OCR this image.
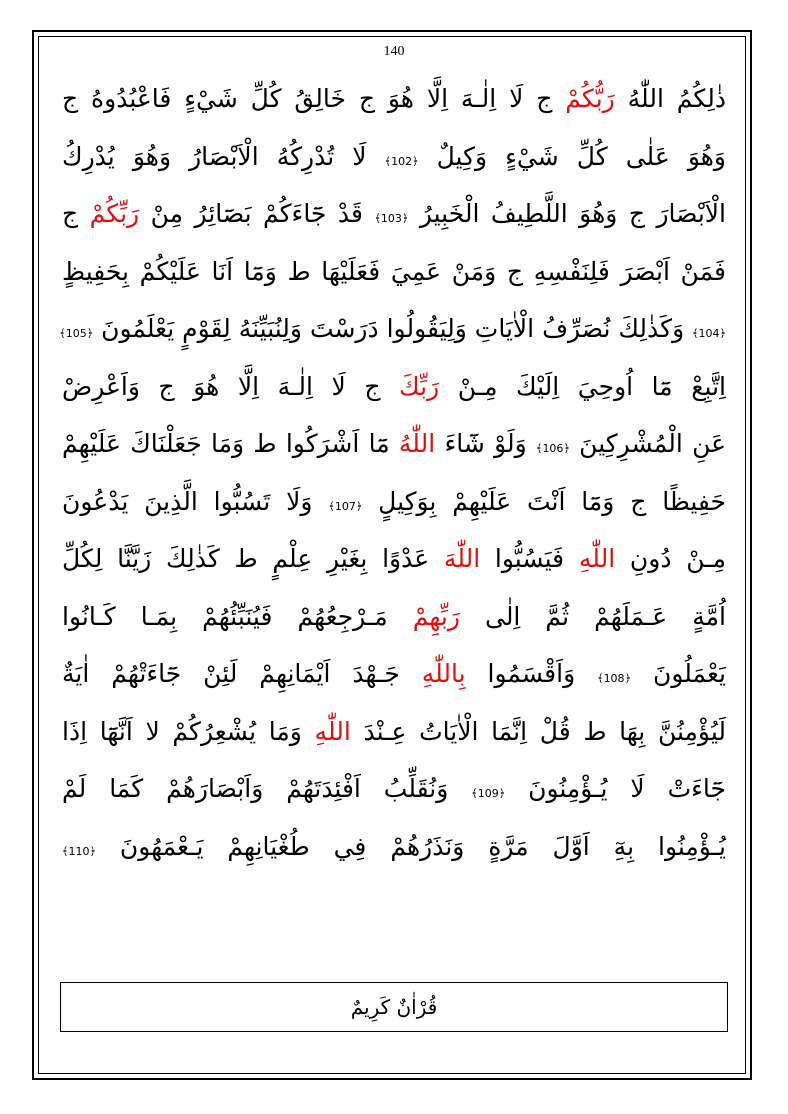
140
ذٰلِكُمُ اللّٰهُ رَبُّكُمْ ج لَا اِلٰـهَ اِلَّا هُوَ ج خَالِقُ كُلِّ شَيْءٍ فَاعْبُدُوهُ ج
وَهُوَ عَلٰى كُلِّ شَيْءٍ وَكِيلٌ ﴿102﴾ لَا تُدْرِكُهُ الْاَبْصَارُ وَهُوَ يُدْرِكُ
الْاَبْصَارَ ج وَهُوَ اللَّطِيفُ الْخَبِيرُ ﴿103﴾ قَدْ جَٓاءَكُمْ بَصَٓائِرُ مِنْ رَبِّكُمْ ج
فَمَنْ اَبْصَرَ فَلِنَفْسِهِ ج وَمَنْ عَمِيَ فَعَلَيْهَا ط وَمَٓا اَنَا عَلَيْكُمْ بِحَفِيظٍ
﴿104﴾ وَكَذٰلِكَ نُصَرِّفُ الْاٰيَاتِ وَلِيَقُولُوا دَرَسْتَ وَلِنُبَيِّنَهُ لِقَوْمٍ يَعْلَمُونَ ﴿105﴾
اِتَّبِعْ مَٓا اُوحِيَ اِلَيْكَ مِـنْ رَبِّكَ ج لَا اِلٰـهَ اِلَّا هُوَ ج وَاَعْرِضْ
عَنِ الْمُشْرِكِينَ ﴿106﴾ وَلَوْ شَٓاءَ اللّٰهُ مَٓا اَشْرَكُوا ط وَمَا جَعَلْنَاكَ عَلَيْهِمْ
حَفِيظًا ج وَمَٓا اَنْتَ عَلَيْهِمْ بِوَكِيلٍ ﴿107﴾ وَلَا تَسُبُّوا الَّذِينَ يَدْعُونَ
مِـنْ دُونِ اللّٰهِ فَيَسُبُّوا اللّٰهَ عَدْوًا بِغَيْرِ عِلْمٍ ط كَذٰلِكَ زَيَّنَّا لِكُلِّ
اُمَّةٍ عَـمَلَهُمْ ثُمَّ اِلٰى رَبِّهِمْ مَـرْجِعُهُمْ فَيُنَبِّئُهُمْ بِمَـا كَـانُوا
يَعْمَلُونَ ﴿108﴾ وَاَقْسَمُوا بِاللّٰهِ جَـهْدَ اَيْمَانِهِمْ لَئِنْ جَٓاءَتْهُمْ اٰيَةٌ
لَيُؤْمِنُنَّ بِهَا ط قُلْ اِنَّمَا الْاٰيَاتُ عِـنْدَ اللّٰهِ وَمَا يُشْعِرُكُمْ لا اَنَّهَٓا اِذَا
جَٓاءَتْ لَا يُـؤْمِنُونَ ﴿109﴾ وَنُقَلِّبُ اَفْئِدَتَهُمْ وَاَبْصَارَهُمْ كَمَا لَمْ
يُـؤْمِنُوا بِهِٓ اَوَّلَ مَرَّةٍ وَنَذَرُهُمْ فِي طُغْيَانِهِمْ يَـعْمَهُونَ ﴿110﴾
قُرْاٰنٌ كَرِيمٌ
